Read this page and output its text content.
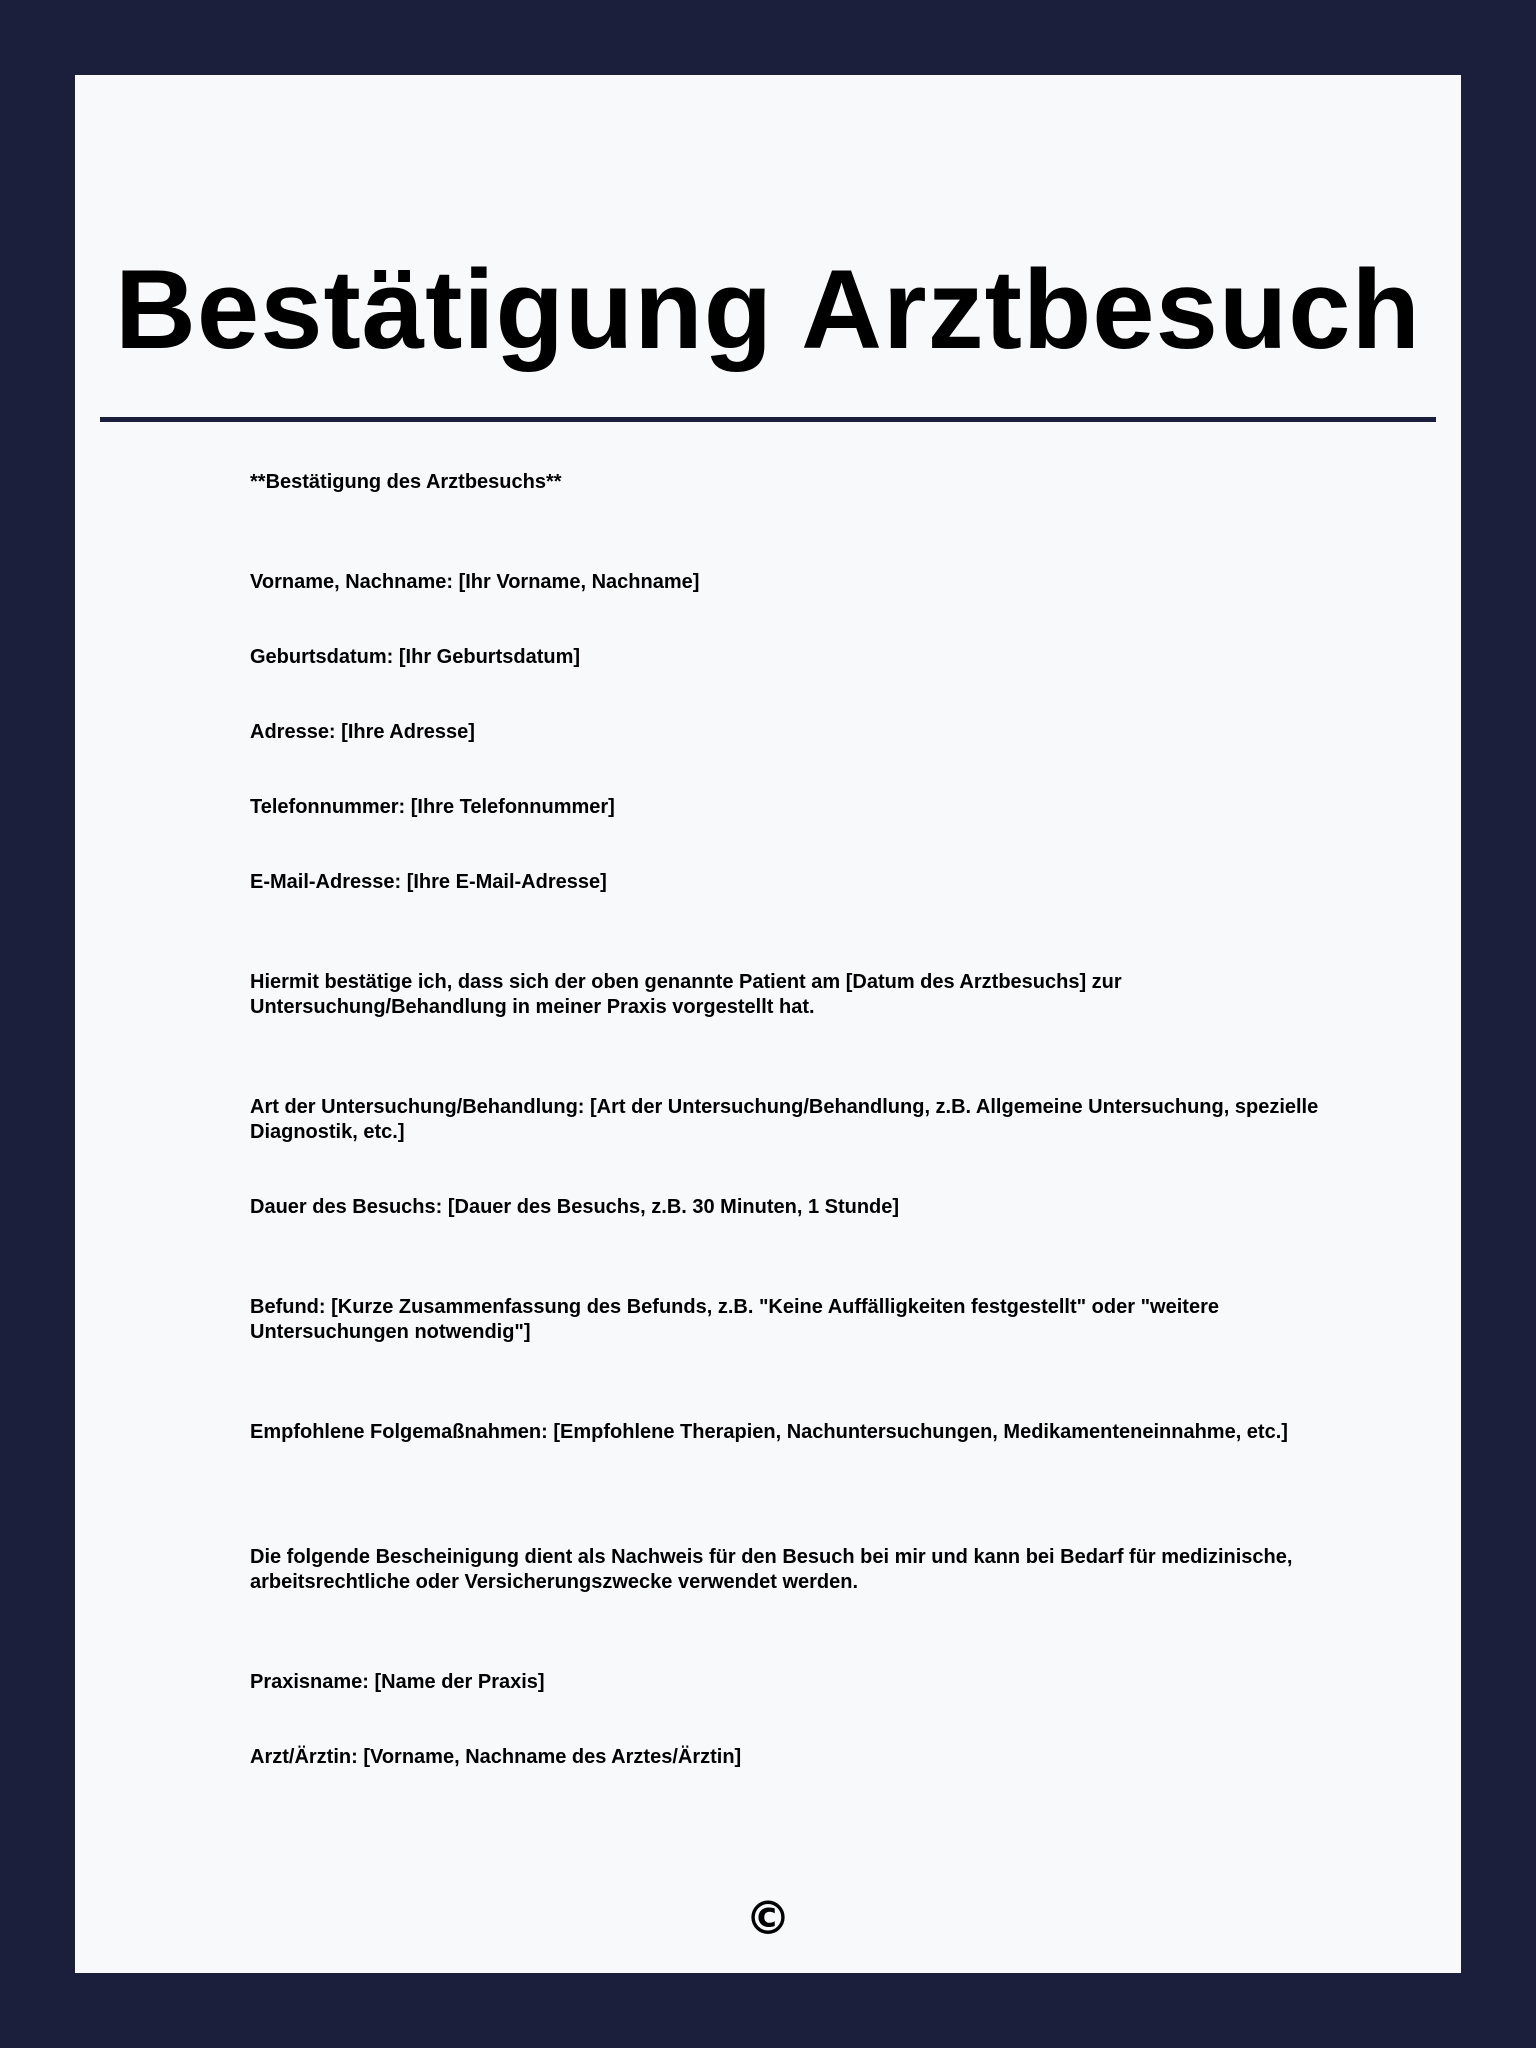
Bestätigung Arztbesuch

**Bestätigung des Arztbesuchs**

Vorname, Nachname: [Ihr Vorname, Nachname]

Geburtsdatum: [Ihr Geburtsdatum]

Adresse: [Ihre Adresse]

Telefonnummer: [Ihre Telefonnummer]

E-Mail-Adresse: [Ihre E-Mail-Adresse]

Hiermit bestätige ich, dass sich der oben genannte Patient am [Datum des Arztbesuchs] zur Untersuchung/Behandlung in meiner Praxis vorgestellt hat.

Art der Untersuchung/Behandlung: [Art der Untersuchung/Behandlung, z.B. Allgemeine Untersuchung, spezielle Diagnostik, etc.]

Dauer des Besuchs: [Dauer des Besuchs, z.B. 30 Minuten, 1 Stunde]

Befund: [Kurze Zusammenfassung des Befunds, z.B. "Keine Auffälligkeiten festgestellt" oder "weitere Untersuchungen notwendig"]

Empfohlene Folgemaßnahmen: [Empfohlene Therapien, Nachuntersuchungen, Medikamenteneinnahme, etc.]

Die folgende Bescheinigung dient als Nachweis für den Besuch bei mir und kann bei Bedarf für medizinische, arbeitsrechtliche oder Versicherungszwecke verwendet werden.

Praxisname: [Name der Praxis]

Arzt/Ärztin: [Vorname, Nachname des Arztes/Ärztin]

©
